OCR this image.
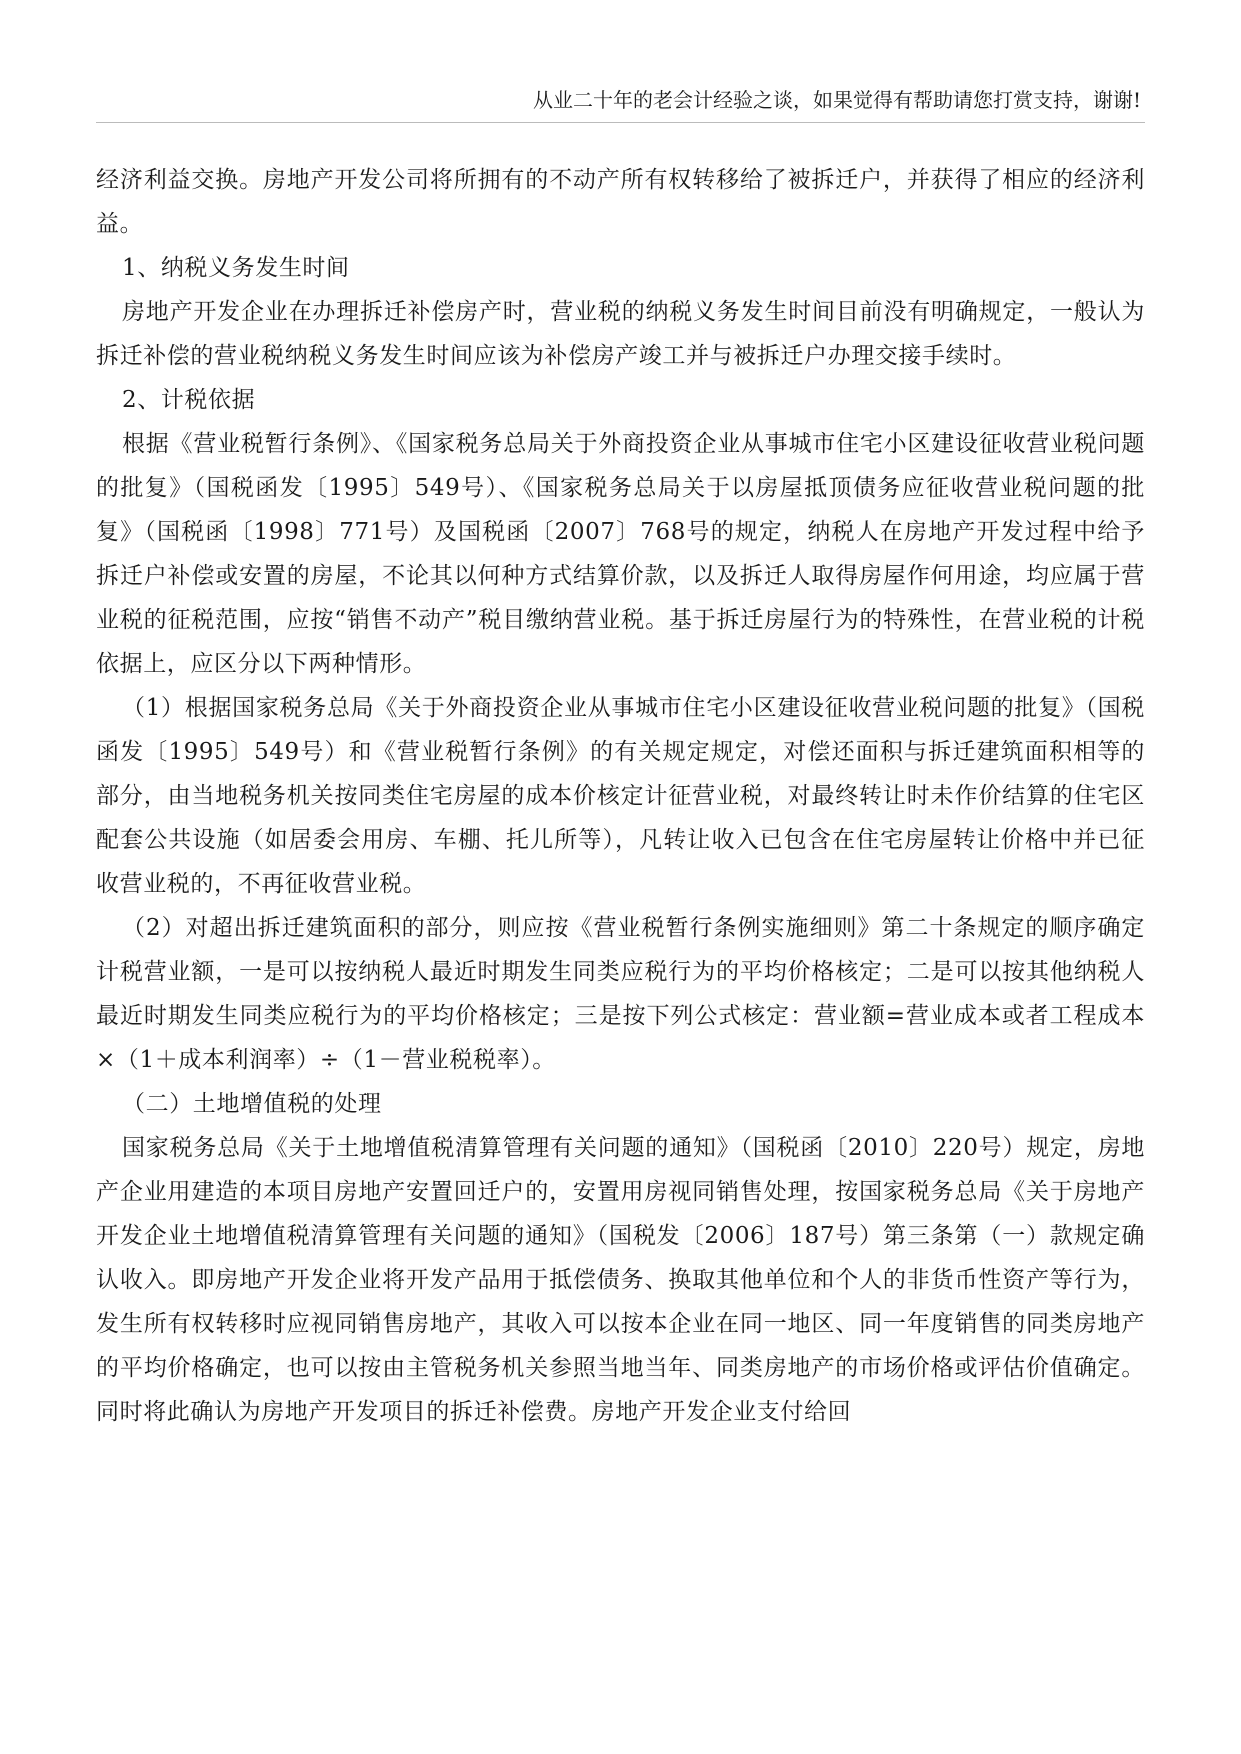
从业二十年的老会计经验之谈，如果觉得有帮助请您打赏支持，谢谢!

经济利益交换。房地产开发公司将所拥有的不动产所有权转移给了被拆迁户，并获得了相应的经济利益。

1、纳税义务发生时间

房地产开发企业在办理拆迁补偿房产时，营业税的纳税义务发生时间目前没有明确规定，一般认为拆迁补偿的营业税纳税义务发生时间应该为补偿房产竣工并与被拆迁户办理交接手续时。

2、计税依据

根据《营业税暂行条例》、《国家税务总局关于外商投资企业从事城市住宅小区建设征收营业税问题的批复》（国税函发〔1995〕549号）、《国家税务总局关于以房屋抵顶债务应征收营业税问题的批复》（国税函〔1998〕771号）及国税函〔2007〕768号的规定，纳税人在房地产开发过程中给予拆迁户补偿或安置的房屋，不论其以何种方式结算价款，以及拆迁人取得房屋作何用途，均应属于营业税的征税范围，应按“销售不动产”税目缴纳营业税。基于拆迁房屋行为的特殊性，在营业税的计税依据上，应区分以下两种情形。

（1）根据国家税务总局《关于外商投资企业从事城市住宅小区建设征收营业税问题的批复》（国税函发〔1995〕549号）和《营业税暂行条例》的有关规定规定，对偿还面积与拆迁建筑面积相等的部分，由当地税务机关按同类住宅房屋的成本价核定计征营业税，对最终转让时未作价结算的住宅区配套公共设施（如居委会用房、车棚、托儿所等），凡转让收入已包含在住宅房屋转让价格中并已征收营业税的，不再征收营业税。

（2）对超出拆迁建筑面积的部分，则应按《营业税暂行条例实施细则》第二十条规定的顺序确定计税营业额，一是可以按纳税人最近时期发生同类应税行为的平均价格核定；二是可以按其他纳税人最近时期发生同类应税行为的平均价格核定；三是按下列公式核定：营业额=营业成本或者工程成本×（1＋成本利润率）÷（1－营业税税率）。

（二）土地增值税的处理

国家税务总局《关于土地增值税清算管理有关问题的通知》（国税函〔2010〕220号）规定，房地产企业用建造的本项目房地产安置回迁户的，安置用房视同销售处理，按国家税务总局《关于房地产开发企业土地增值税清算管理有关问题的通知》（国税发〔2006〕187号）第三条第（一）款规定确认收入。即房地产开发企业将开发产品用于抵偿债务、换取其他单位和个人的非货币性资产等行为，发生所有权转移时应视同销售房地产，其收入可以按本企业在同一地区、同一年度销售的同类房地产的平均价格确定，也可以按由主管税务机关参照当地当年、同类房地产的市场价格或评估价值确定。同时将此确认为房地产开发项目的拆迁补偿费。房地产开发企业支付给回
